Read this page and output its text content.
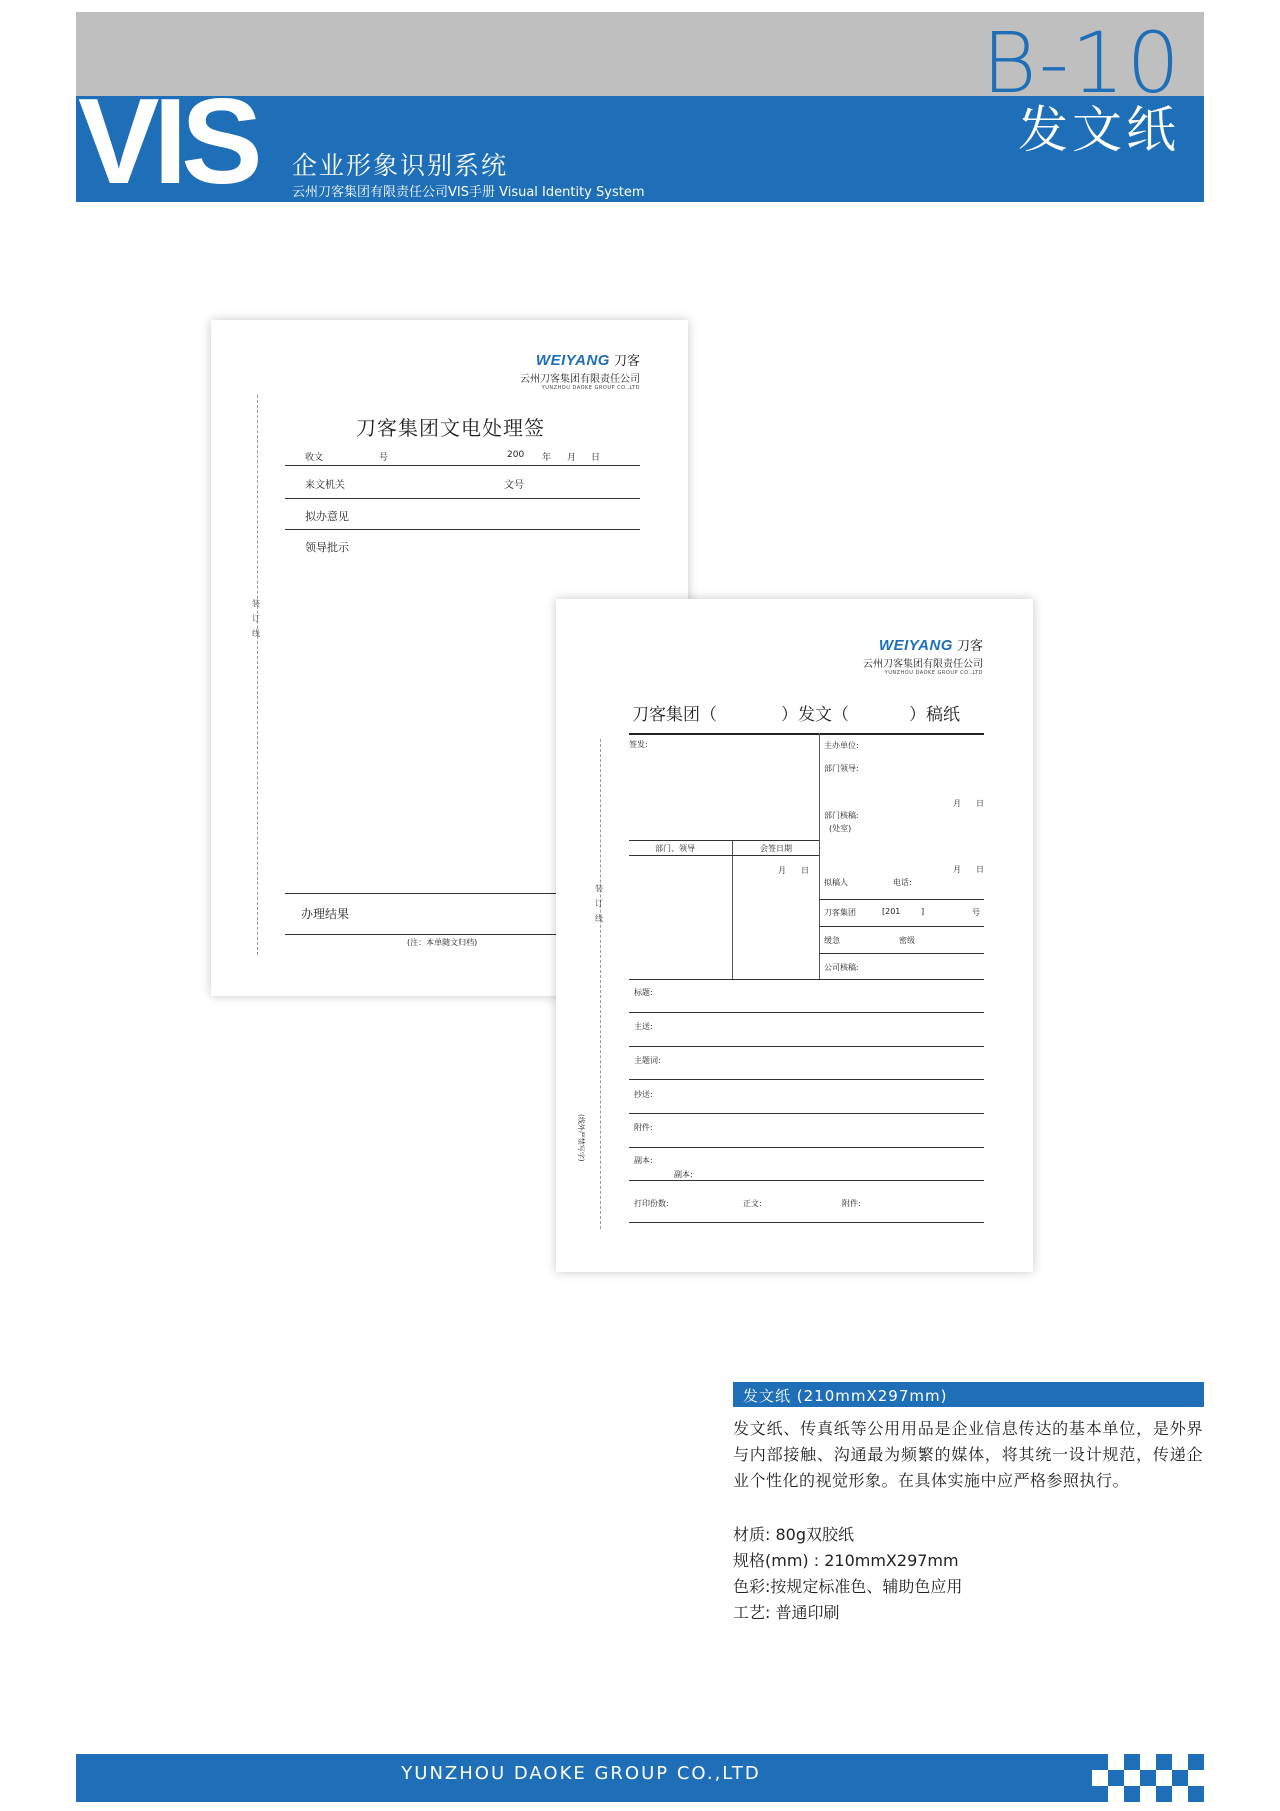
VIS 企业形象识别系统
云州刀客集团有限责任公司VIS手册 Visual Identity System
B-10
发文纸
WEIYANG 刀客
云州刀客集团有限责任公司
YUNZHOU DAOKE GROUP CO.,LTD
刀客集团文电处理签
装
订
线
收文	号	200 年 月 日
来文机关	文号
拟办意见
领导批示
办理结果
(注：本单随文归档)
WEIYANG 刀客
云州刀客集团有限责任公司
YUNZHOU DAOKE GROUP CO.,LTD
刀客集团（	）发文（	）稿纸
装
订
线
(线外严禁写字)
签发:
部门、领导	会签日期
月 日
主办单位:
部门领导:
月 日
部门核稿:
(处室)
月 日
拟稿人	电话:
刀客集团	[201	]	号
缓急	密级
公司核稿:
标题:
主送:
主题词:
抄送:
附件:
副本:
副本:
打印份数:	正文:	附件:
发文纸 (210mmX297mm)
发文纸、传真纸等公用用品是企业信息传达的基本单位，是外界与内部接触、沟通最为频繁的媒体，将其统一设计规范，传递企业个性化的视觉形象。在具体实施中应严格参照执行。
材质: 80g双胶纸
规格(mm) : 210mmX297mm
色彩:按规定标准色、辅助色应用
工艺: 普通印刷
YUNZHOU DAOKE GROUP CO.,LTD
